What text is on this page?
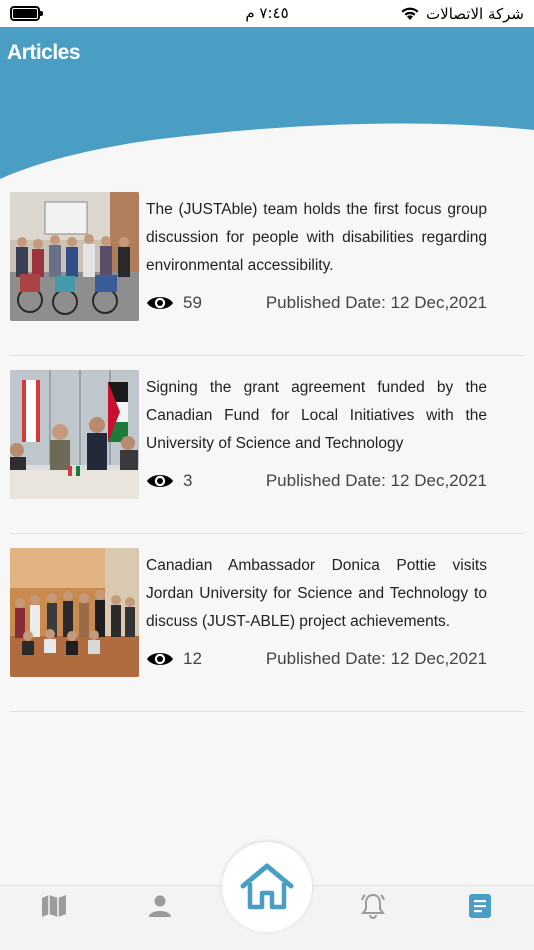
٧:٤٥ م	شركة الاتصالات
Articles
The (JUSTAble) team holds the first focus group discussion for people with disabilities regarding environmental accessibility.
59	Published Date: 12 Dec,2021
Signing the grant agreement funded by the Canadian Fund for Local Initiatives with the University of Science and Technology
3	Published Date: 12 Dec,2021
Canadian Ambassador Donica Pottie visits Jordan University for Science and Technology to discuss (JUST-ABLE) project achievements.
12	Published Date: 12 Dec,2021
